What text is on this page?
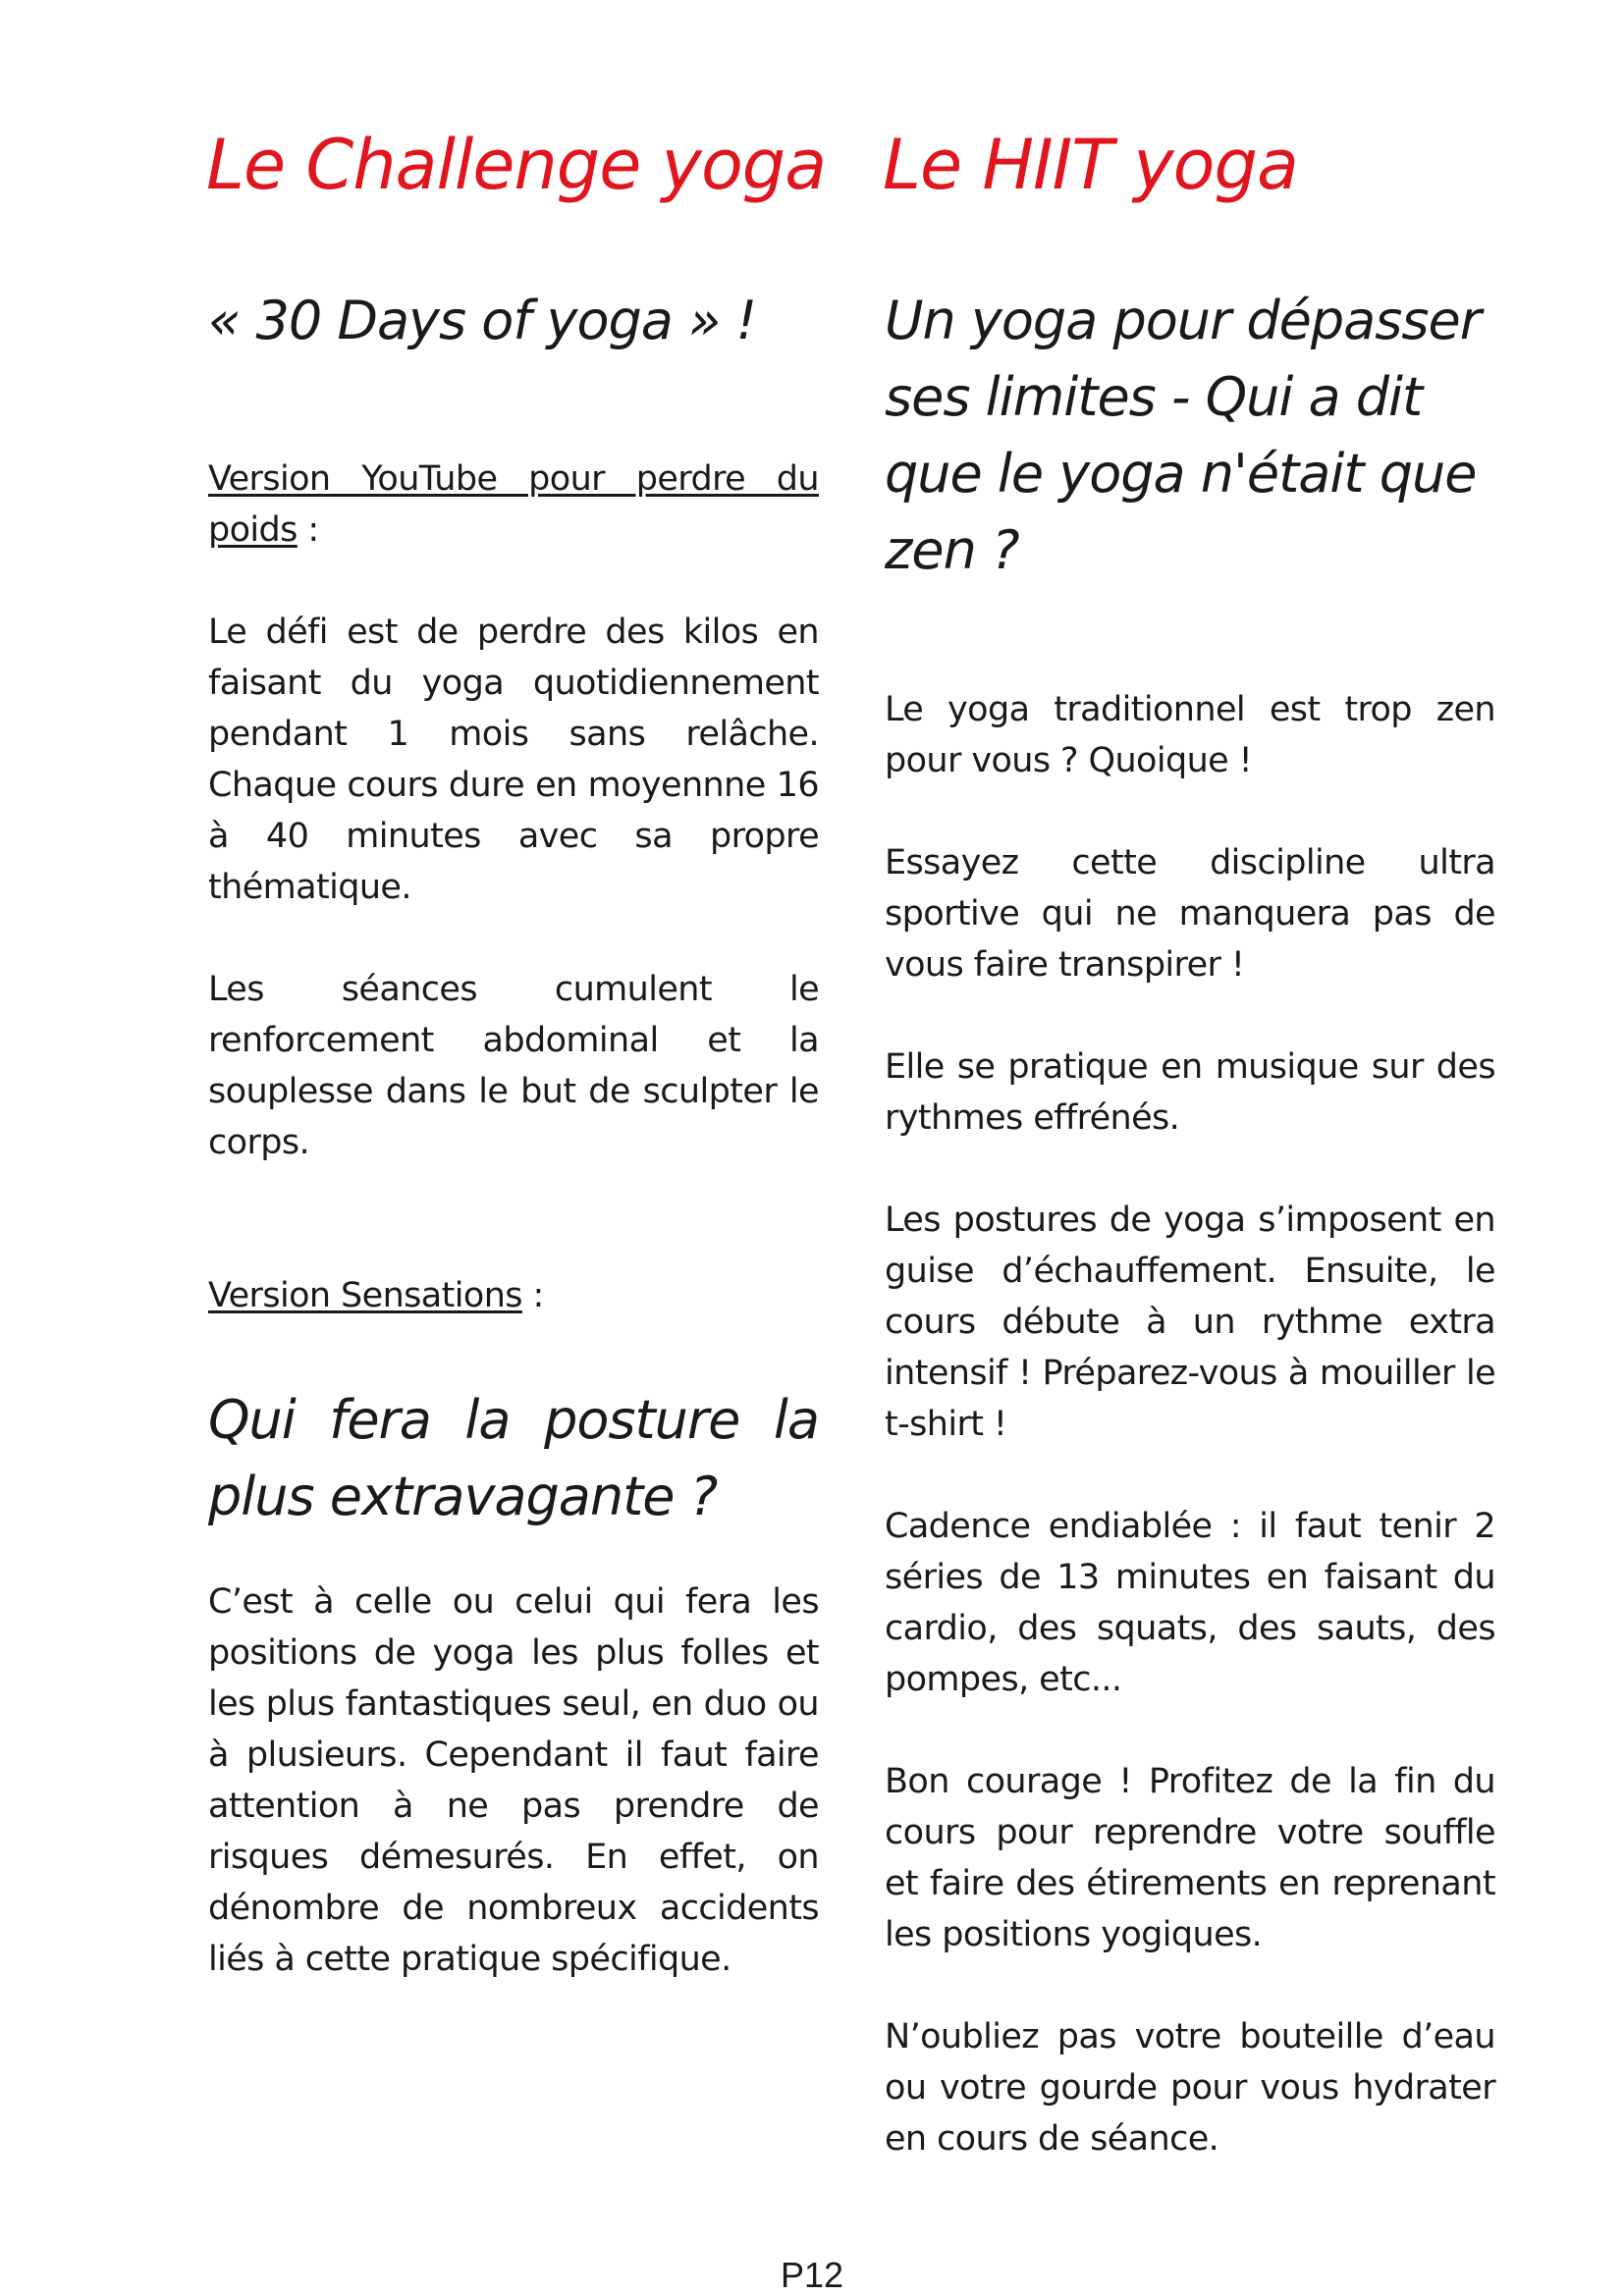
Le Challenge yoga
« 30 Days of yoga » !

Version YouTube pour perdre du poids :

Le défi est de perdre des kilos en faisant du yoga quotidiennement pendant 1 mois sans relâche. Chaque cours dure en moyennne 16 à 40 minutes avec sa propre thématique.

Les séances cumulent le renforcement abdominal et la souplesse dans le but de sculpter le corps.

Version Sensations :

Qui fera la posture la plus extravagante ?

C’est à celle ou celui qui fera les positions de yoga les plus folles et les plus fantastiques seul, en duo ou à plusieurs. Cependant il faut faire attention à ne pas prendre de risques démesurés. En effet, on dénombre de nombreux accidents liés à cette pratique spécifique.

Le HIIT yoga
Un yoga pour dépasser ses limites - Qui a dit que le yoga n'était que zen ?

Le yoga traditionnel est trop zen pour vous ? Quoique !

Essayez cette discipline ultra sportive qui ne manquera pas de vous faire transpirer !

Elle se pratique en musique sur des rythmes effrénés.

Les postures de yoga s’imposent en guise d’échauffement. Ensuite, le cours débute à un rythme extra intensif ! Préparez-vous à mouiller le t-shirt !

Cadence endiablée : il faut tenir 2 séries de 13 minutes en faisant du cardio, des squats, des sauts, des pompes, etc...

Bon courage ! Profitez de la fin du cours pour reprendre votre souffle et faire des étirements en reprenant les positions yogiques.

N’oubliez pas votre bouteille d’eau ou votre gourde pour vous hydrater en cours de séance.

P12
